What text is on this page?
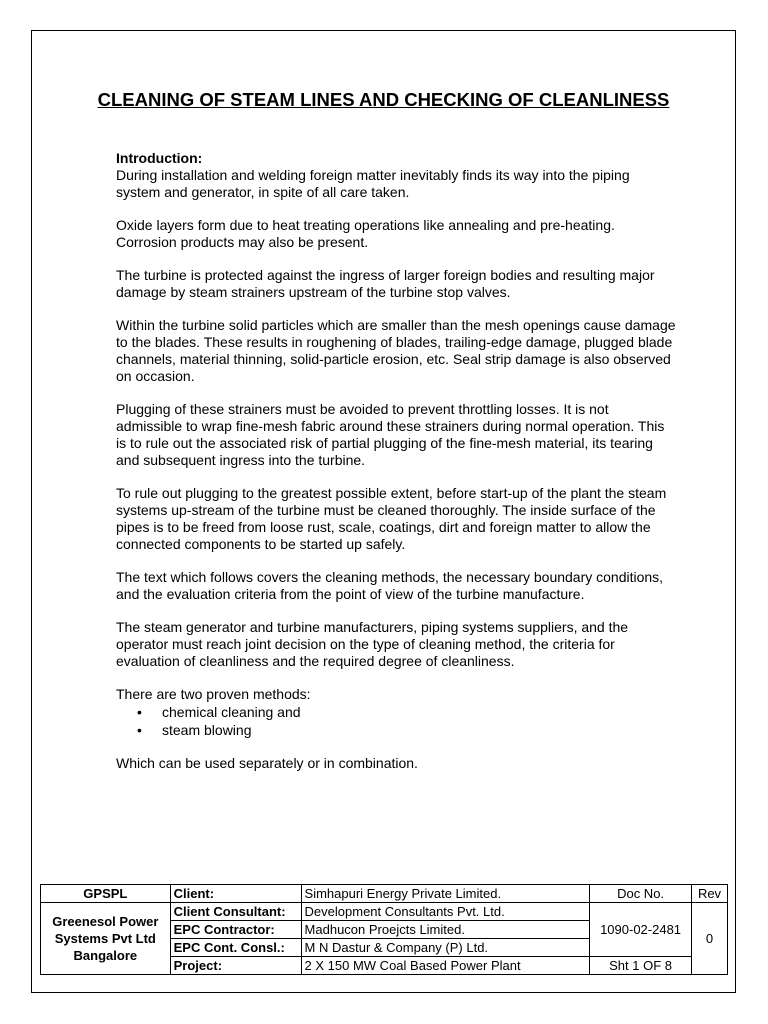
CLEANING OF STEAM LINES AND CHECKING OF CLEANLINESS

Introduction:
During installation and welding foreign matter inevitably finds its way into the piping system and generator, in spite of all care taken.

Oxide layers form due to heat treating operations like annealing and pre-heating. Corrosion products may also be present.

The turbine is protected against the ingress of larger foreign bodies and resulting major damage by steam strainers upstream of the turbine stop valves.

Within the turbine solid particles which are smaller than the mesh openings cause damage to the blades. These results in roughening of blades, trailing-edge damage, plugged blade channels, material thinning, solid-particle erosion, etc. Seal strip damage is also observed on occasion.

Plugging of these strainers must be avoided to prevent throttling losses. It is not admissible to wrap fine-mesh fabric around these strainers during normal operation. This is to rule out the associated risk of partial plugging of the fine-mesh material, its tearing and subsequent ingress into the turbine.

To rule out plugging to the greatest possible extent, before start-up of the plant the steam systems up-stream of the turbine must be cleaned thoroughly. The inside surface of the pipes is to be freed from loose rust, scale, coatings, dirt and foreign matter to allow the connected components to be started up safely.

The text which follows covers the cleaning methods, the necessary boundary conditions, and the evaluation criteria from the point of view of the turbine manufacture.

The steam generator and turbine manufacturers, piping systems suppliers, and the operator must reach joint decision on the type of cleaning method, the criteria for evaluation of cleanliness and the required degree of cleanliness.

There are two proven methods:

• chemical cleaning and
• steam blowing

Which can be used separately or in combination.

GPSPL	Client:	Simhapuri Energy Private Limited.	Doc No.	Rev
Greenesol Power Systems Pvt Ltd Bangalore	Client Consultant:	Development Consultants Pvt. Ltd.	1090-02-2481	0
	EPC Contractor:	Madhucon Proejcts Limited.		
	EPC Cont. Consl.:	M N Dastur & Company (P) Ltd.		
	Project:	2 X 150 MW Coal Based Power Plant	Sht 1 OF 8	
